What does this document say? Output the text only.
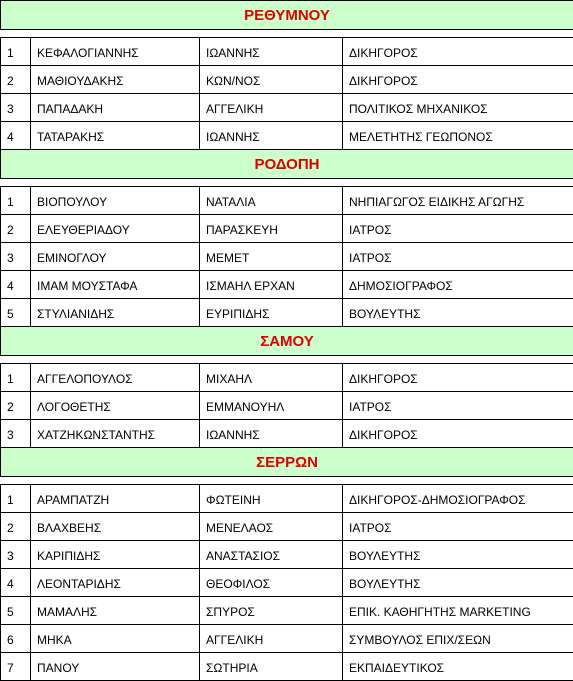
ΡΕΘΥΜΝΟΥ			

1	ΚΕΦΑΛΟΓΙΑΝΝΗΣ	ΙΩΑΝΝΗΣ	ΔΙΚΗΓΟΡΟΣ
2	ΜΑΘΙΟΥΔΑΚΗΣ	ΚΩΝ/ΝΟΣ	ΔΙΚΗΓΟΡΟΣ
3	ΠΑΠΑΔΑΚΗ	ΑΓΓΕΛΙΚΗ	ΠΟΛΙΤΙΚΟΣ ΜΗΧΑΝΙΚΟΣ
4	ΤΑΤΑΡΑΚΗΣ	ΙΩΑΝΝΗΣ	ΜΕΛΕΤΗΤΗΣ ΓΕΩΠΟΝΟΣ
ΡΟΔΟΠΗ			

1	ΒΙΟΠΟΥΛΟΥ	ΝΑΤΑΛΙΑ	ΝΗΠΙΑΓΩΓΟΣ ΕΙΔΙΚΗΣ ΑΓΩΓΗΣ
2	ΕΛΕΥΘΕΡΙΑΔΟΥ	ΠΑΡΑΣΚΕΥΗ	ΙΑΤΡΟΣ
3	ΕΜΙΝΟΓΛΟΥ	ΜΕΜΕΤ	ΙΑΤΡΟΣ
4	ΙΜΑΜ ΜΟΥΣΤΑΦΑ	ΙΣΜΑΗΛ ΕΡΧΑΝ	ΔΗΜΟΣΙΟΓΡΑΦΟΣ
5	ΣΤΥΛΙΑΝΙΔΗΣ	ΕΥΡΙΠΙΔΗΣ	ΒΟΥΛΕΥΤΗΣ
ΣΑΜΟΥ			

1	ΑΓΓΕΛΟΠΟΥΛΟΣ	ΜΙΧΑΗΛ	ΔΙΚΗΓΟΡΟΣ
2	ΛΟΓΟΘΕΤΗΣ	ΕΜΜΑΝΟΥΗΛ	ΙΑΤΡΟΣ
3	ΧΑΤΖΗΚΩΝΣΤΑΝΤΗΣ	ΙΩΑΝΝΗΣ	ΔΙΚΗΓΟΡΟΣ
ΣΕΡΡΩΝ			

1	ΑΡΑΜΠΑΤΖΗ	ΦΩΤΕΙΝΗ	ΔΙΚΗΓΟΡΟΣ-ΔΗΜΟΣΙΟΓΡΑΦΟΣ
2	ΒΛΑΧΒΕΗΣ	ΜΕΝΕΛΑΟΣ	ΙΑΤΡΟΣ
3	ΚΑΡΙΠΙΔΗΣ	ΑΝΑΣΤΑΣΙΟΣ	ΒΟΥΛΕΥΤΗΣ
4	ΛΕΟΝΤΑΡΙΔΗΣ	ΘΕΟΦΙΛΟΣ	ΒΟΥΛΕΥΤΗΣ
5	ΜΑΜΑΛΗΣ	ΣΠΥΡΟΣ	ΕΠΙΚ. ΚΑΘΗΓΗΤΗΣ MARKETING
6	ΜΗΚΑ	ΑΓΓΕΛΙΚΗ	ΣΥΜΒΟΥΛΟΣ ΕΠΙΧ/ΣΕΩΝ
7	ΠΑΝΟΥ	ΣΩΤΗΡΙΑ	ΕΚΠΑΙΔΕΥΤΙΚΟΣ
